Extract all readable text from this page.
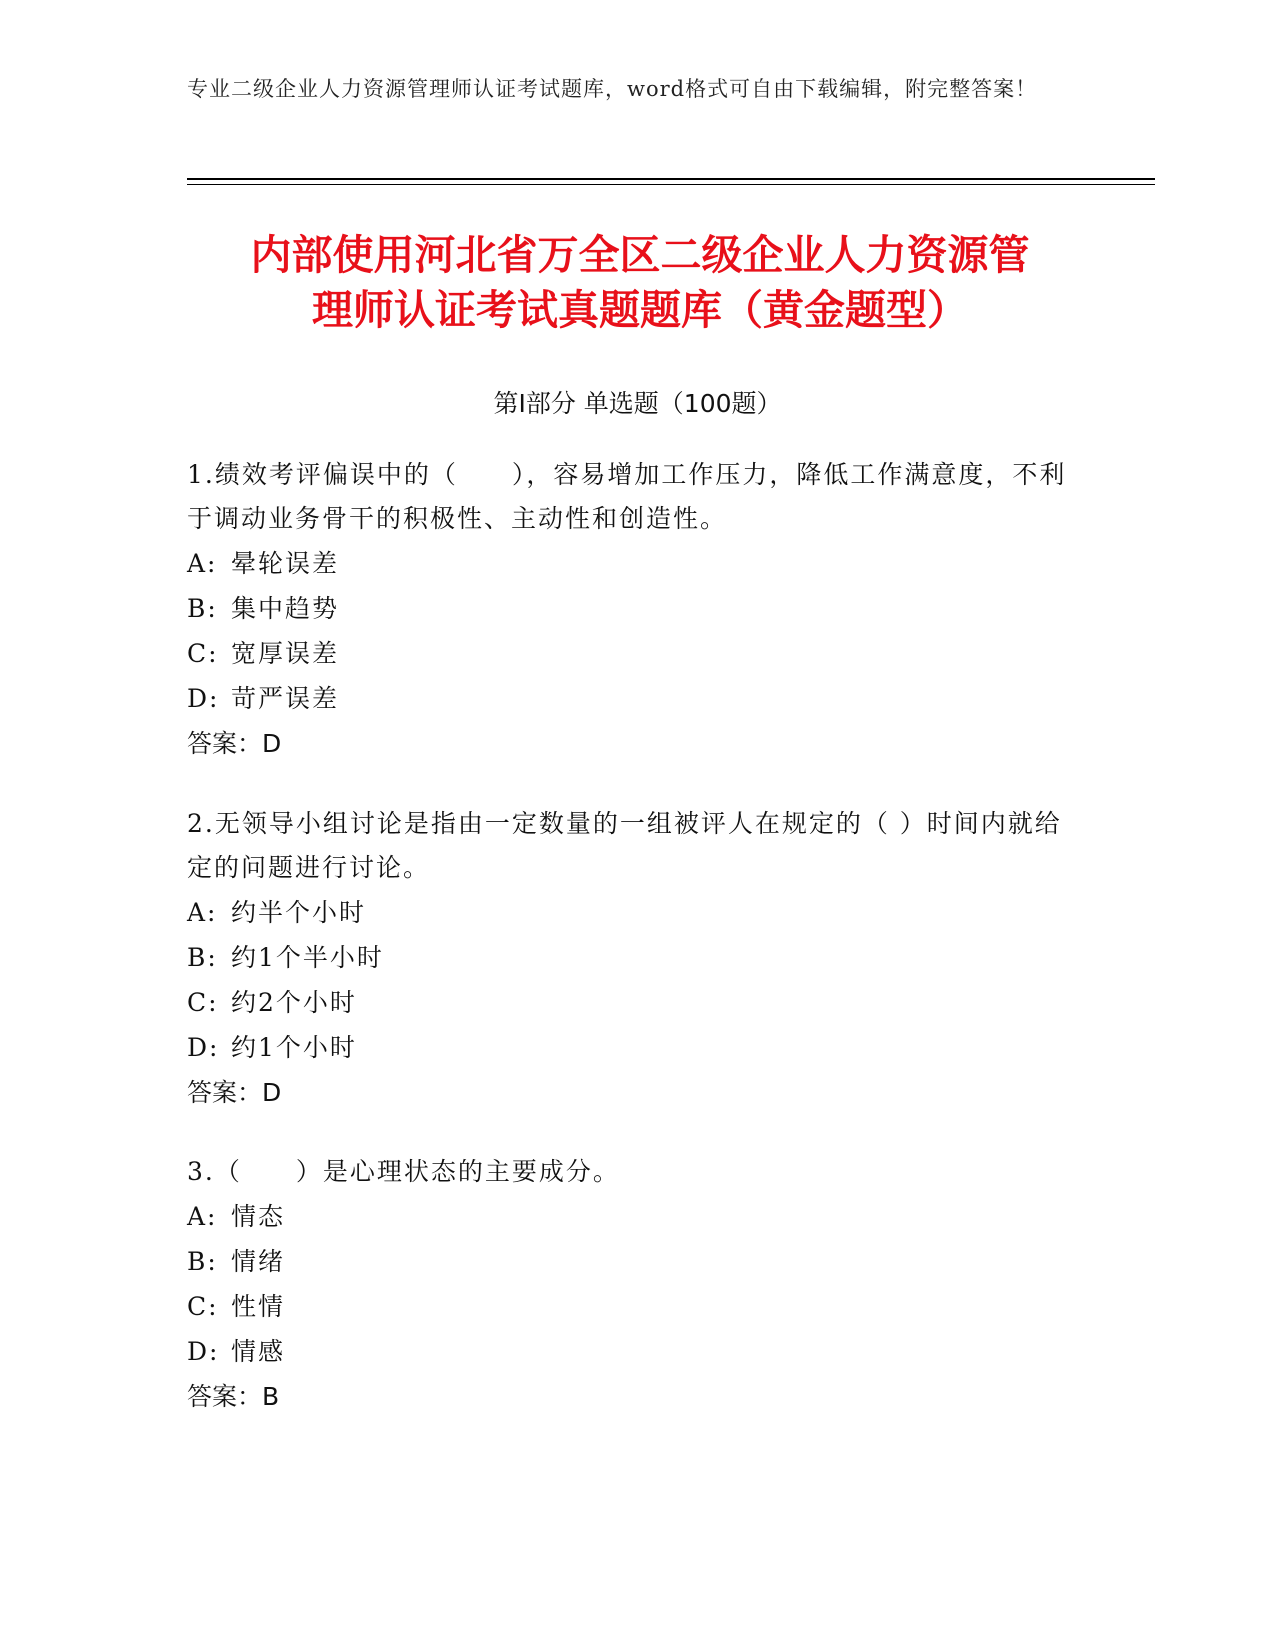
专业二级企业人力资源管理师认证考试题库，word格式可自由下载编辑，附完整答案！
内部使用河北省万全区二级企业人力资源管
理师认证考试真题题库（黄金题型）
第Ⅰ部分 单选题（100题）

1.绩效考评偏误中的（　　），容易增加工作压力，降低工作满意度，不利于调动业务骨干的积极性、主动性和创造性。

A: 晕轮误差

B: 集中趋势

C: 宽厚误差

D: 苛严误差

答案：D

2.无领导小组讨论是指由一定数量的一组被评人在规定的（ ）时间内就给定的问题进行讨论。

A: 约半个小时

B: 约1个半小时

C: 约2个小时

D: 约1个小时

答案：D

3.（　　）是心理状态的主要成分。

A: 情态

B: 情绪

C: 性情

D: 情感

答案：B
